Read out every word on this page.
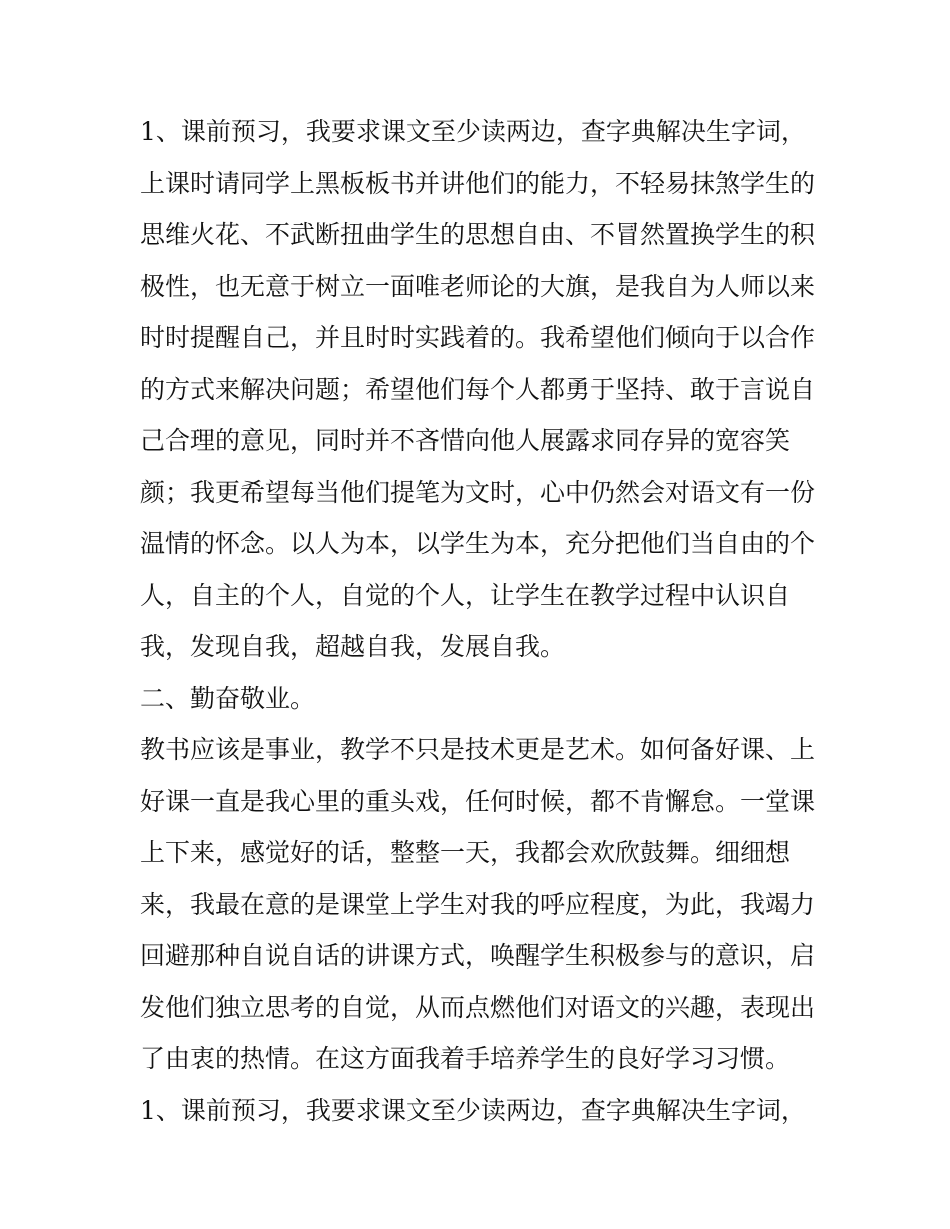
1、课前预习，我要求课文至少读两边，查字典解决生字词，
上课时请同学上黑板板书并讲他们的能力，不轻易抹煞学生的
思维火花、不武断扭曲学生的思想自由、不冒然置换学生的积
极性，也无意于树立一面唯老师论的大旗，是我自为人师以来
时时提醒自己，并且时时实践着的。我希望他们倾向于以合作
的方式来解决问题；希望他们每个人都勇于坚持、敢于言说自
己合理的意见，同时并不吝惜向他人展露求同存异的宽容笑
颜；我更希望每当他们提笔为文时，心中仍然会对语文有一份
温情的怀念。以人为本，以学生为本，充分把他们当自由的个
人，自主的个人，自觉的个人，让学生在教学过程中认识自
我，发现自我，超越自我，发展自我。
二、勤奋敬业。
教书应该是事业，教学不只是技术更是艺术。如何备好课、上
好课一直是我心里的重头戏，任何时候，都不肯懈怠。一堂课
上下来，感觉好的话，整整一天，我都会欢欣鼓舞。细细想
来，我最在意的是课堂上学生对我的呼应程度，为此，我竭力
回避那种自说自话的讲课方式，唤醒学生积极参与的意识，启
发他们独立思考的自觉，从而点燃他们对语文的兴趣，表现出
了由衷的热情。在这方面我着手培养学生的良好学习习惯。
1、课前预习，我要求课文至少读两边，查字典解决生字词，
